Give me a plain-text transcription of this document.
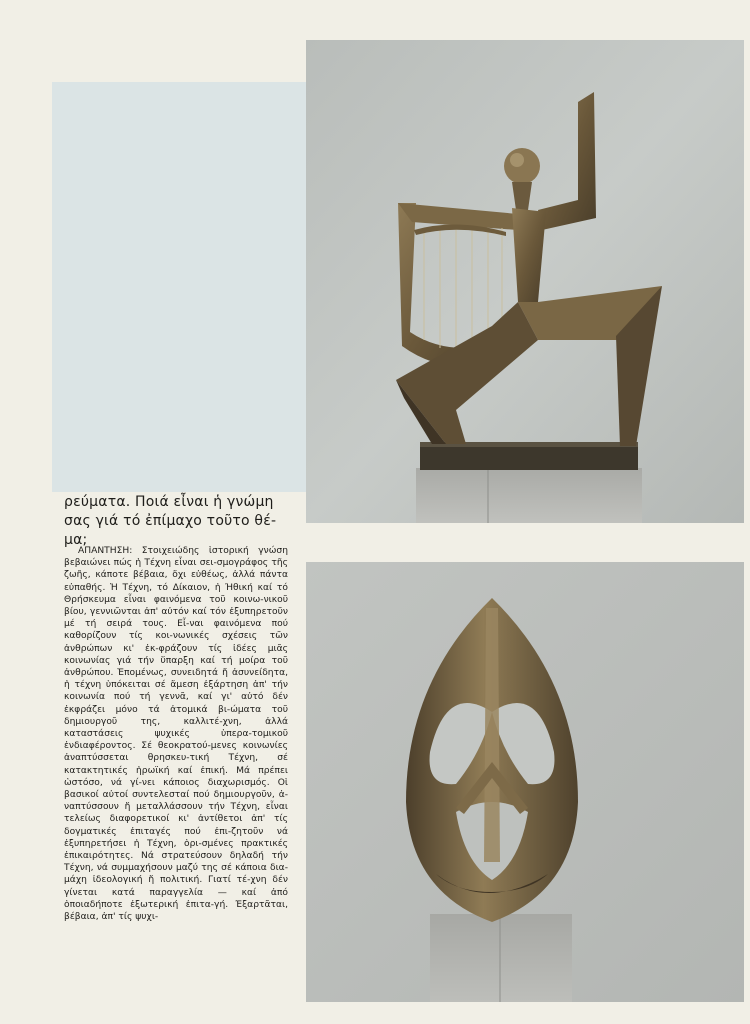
ρεύματα. Ποιά εἶναι ἡ γνώμη σας γιά τό ἐπίμαχο τοῦτο θέ-μα;

ΑΠΑΝΤΗΣΗ: Στοιχειώδης ἱστορική γνώση βεβαιώνει πώς ἡ Τέχνη εἶναι σει-σμογράφος τῆς ζωῆς, κάποτε βέβαια, ὄχι εὐθέως, ἀλλά πάντα εὐπαθής. Ἡ Τέχνη, τό Δίκαιον, ἡ Ἠθική καί τό Θρήσκευμα εἶναι φαινόμενα τοῦ κοινω-νικοῦ βίου, γεννιῶνται ἀπ' αὐτόν καί τόν ἐξυπηρετοῦν μέ τή σειρά τους. Εἶ-ναι φαινόμενα πού καθορίζουν τίς κοι-νωνικές σχέσεις τῶν ἀνθρώπων κι' ἐκ-φράζουν τίς ἰδέες μιᾶς κοινωνίας γιά τήν ὕπαρξη καί τή μοίρα τοῦ ἀνθρώπου. Ἑπομένως, συνειδητά ἤ ἀσυνείδητα, ἡ τέχνη ὑπόκειται σέ ἄμεση ἐξάρτηση ἀπ' τήν κοινωνία πού τή γεννᾶ, καί γι' αὐτό δέν ἐκφράζει μόνο τά ἀτομικά βι-ώματα τοῦ δημιουργοῦ της, καλλιτέ-χνη, ἀλλά καταστάσεις ψυχικές ὑπερα-τομικοῦ ἐνδιαφέροντος. Σέ θεοκρατού-μενες κοινωνίες ἀναπτύσσεται θρησκευ-τική Τέχνη, σέ κατακτητικές ἡρωϊκή καί ἐπική. Μά πρέπει ὡστόσο, νά γί-νει κάποιος διαχωρισμός. Οἱ βασικοί αὐτοί συντελεσταί πού δημιουργοῦν, ἀ-ναπτύσσουν ἤ μεταλλάσσουν τήν Τέχνη, εἶναι τελείως διαφορετικοί κι' ἀντίθετοι ἀπ' τίς δογματικές ἐπιταγές πού ἐπι-ζητοῦν νά ἐξυπηρετήσει ἡ Τέχνη, ὁρι-σμένες πρακτικές ἐπικαιρότητες. Νά στρατεύσουν δηλαδή τήν Τέχνη, νά συμμαχήσουν μαζύ της σέ κάποια δια-μάχη ἰδεολογική ἤ πολιτική. Γιατί τέ-χνη δέν γίνεται κατά παραγγελία — καί ἀπό ὁποιαδήποτε ἐξωτερική ἐπιτα-γή. Ἐξαρτᾶται, βέβαια, ἀπ' τίς ψυχι-
